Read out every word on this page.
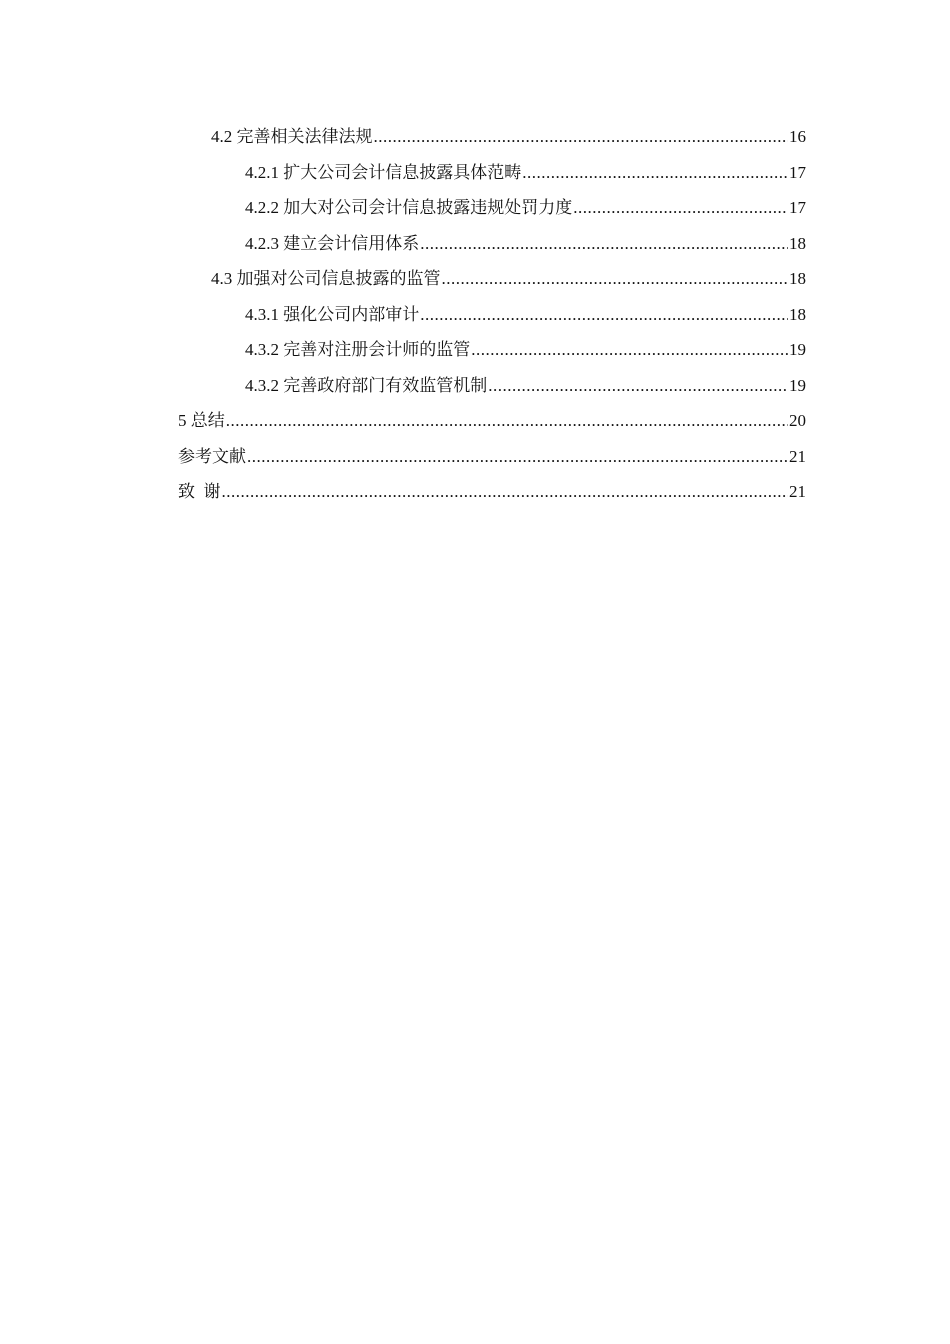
4.2 完善相关法律法规 .....	16
4.2.1 扩大公司会计信息披露具体范畴 .....	17
4.2.2 加大对公司会计信息披露违规处罚力度 .....	17
4.2.3 建立会计信用体系 .....	18
4.3 加强对公司信息披露的监管 .....	18
4.3.1 强化公司内部审计 .....	18
4.3.2 完善对注册会计师的监管 .....	19
4.3.2 完善政府部门有效监管机制 .....	19
5 总结 .....	20
参考文献 .....	21
致  谢 .....	21
